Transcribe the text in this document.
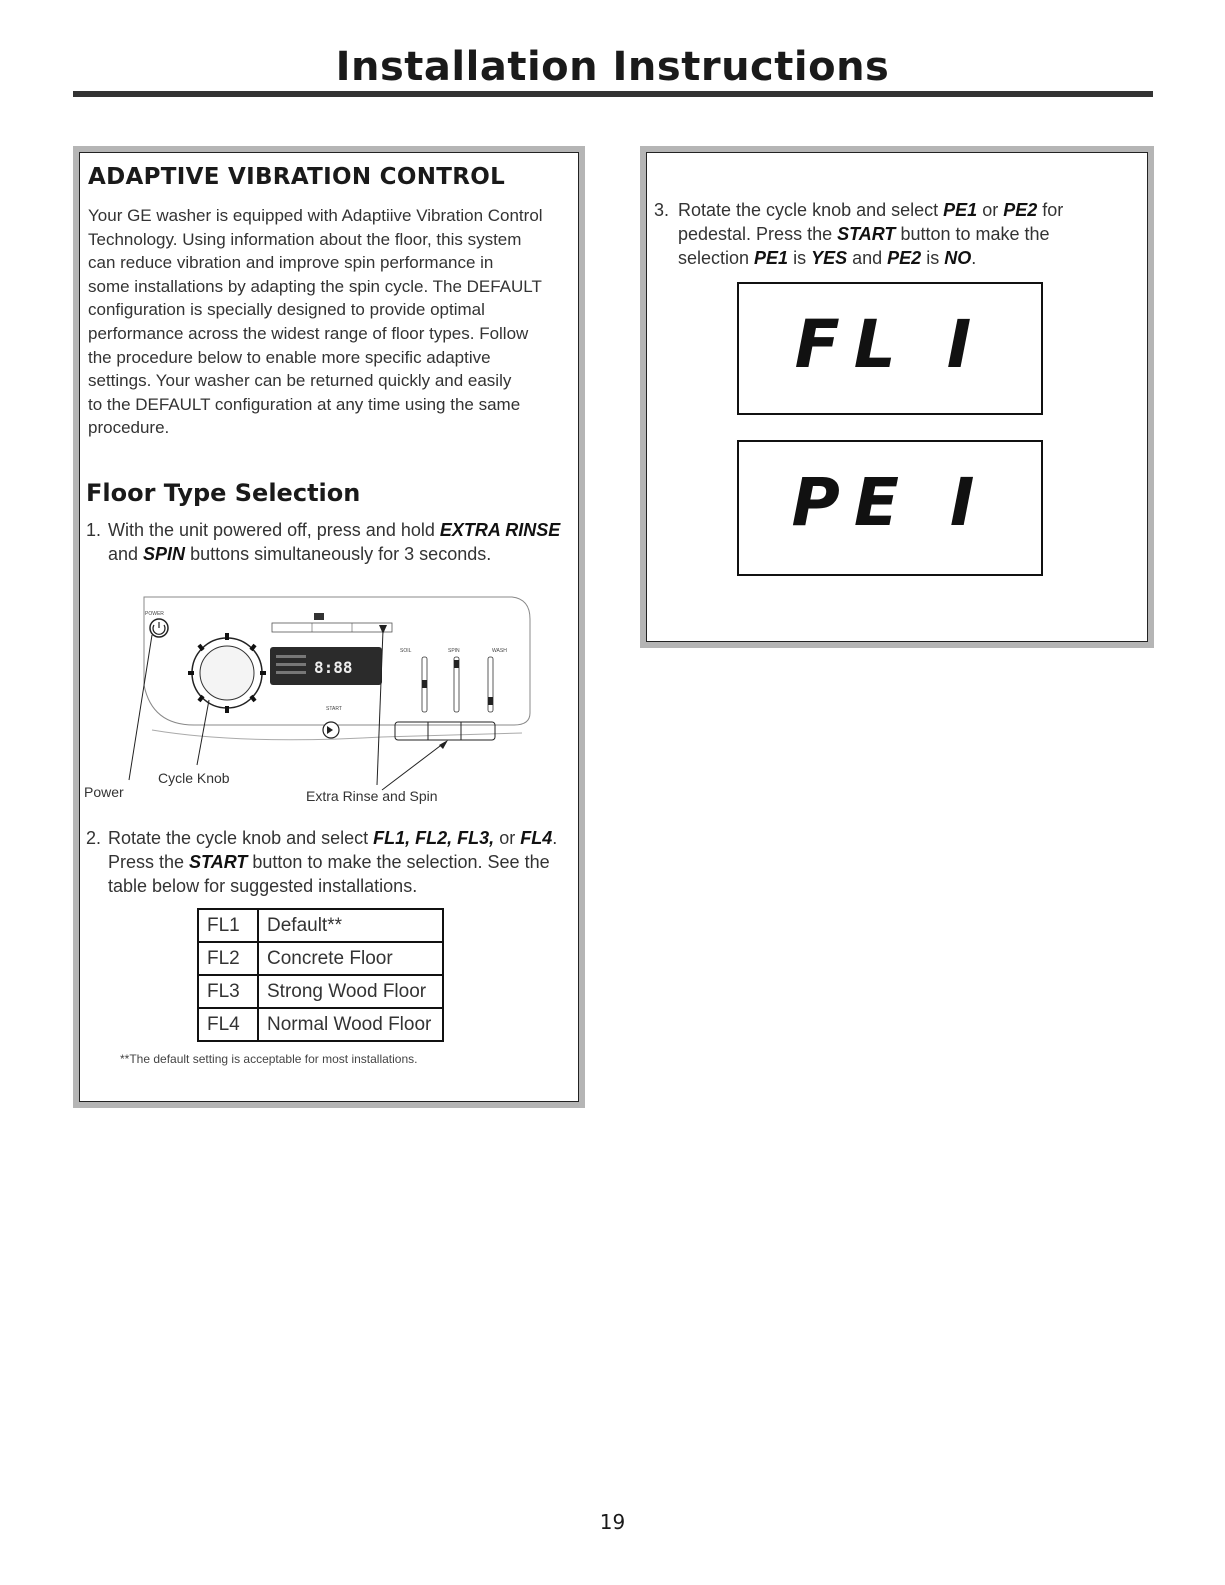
Installation Instructions
ADAPTIVE VIBRATION CONTROL
Your GE washer is equipped with Adaptiive Vibration Control
Technology. Using information about the floor, this system
can reduce vibration and improve spin performance in
some installations by adapting the spin cycle. The DEFAULT
configuration is specially designed to provide optimal
performance across the widest range of floor types. Follow
the procedure below to enable more specific adaptive
settings. Your washer can be returned quickly and easily
to the DEFAULT configuration at any time using the same
procedure.
Floor Type Selection
1. With the unit powered off, press and hold EXTRA RINSE
and SPIN buttons simultaneously for 3 seconds.
POWER
8:88
START
SOIL	SPIN	WASH
Power
Cycle Knob
Extra Rinse and Spin
2. Rotate the cycle knob and select FL1, FL2, FL3, or FL4.
Press the START button to make the selection. See the
table below for suggested installations.
FL1	Default**
FL2	Concrete Floor
FL3	Strong Wood Floor
FL4	Normal Wood Floor
**The default setting is acceptable for most installations.
3. Rotate the cycle knob and select PE1 or PE2 for
pedestal. Press the START button to make the
selection PE1 is YES and PE2 is NO.
FL I
PE I
19
